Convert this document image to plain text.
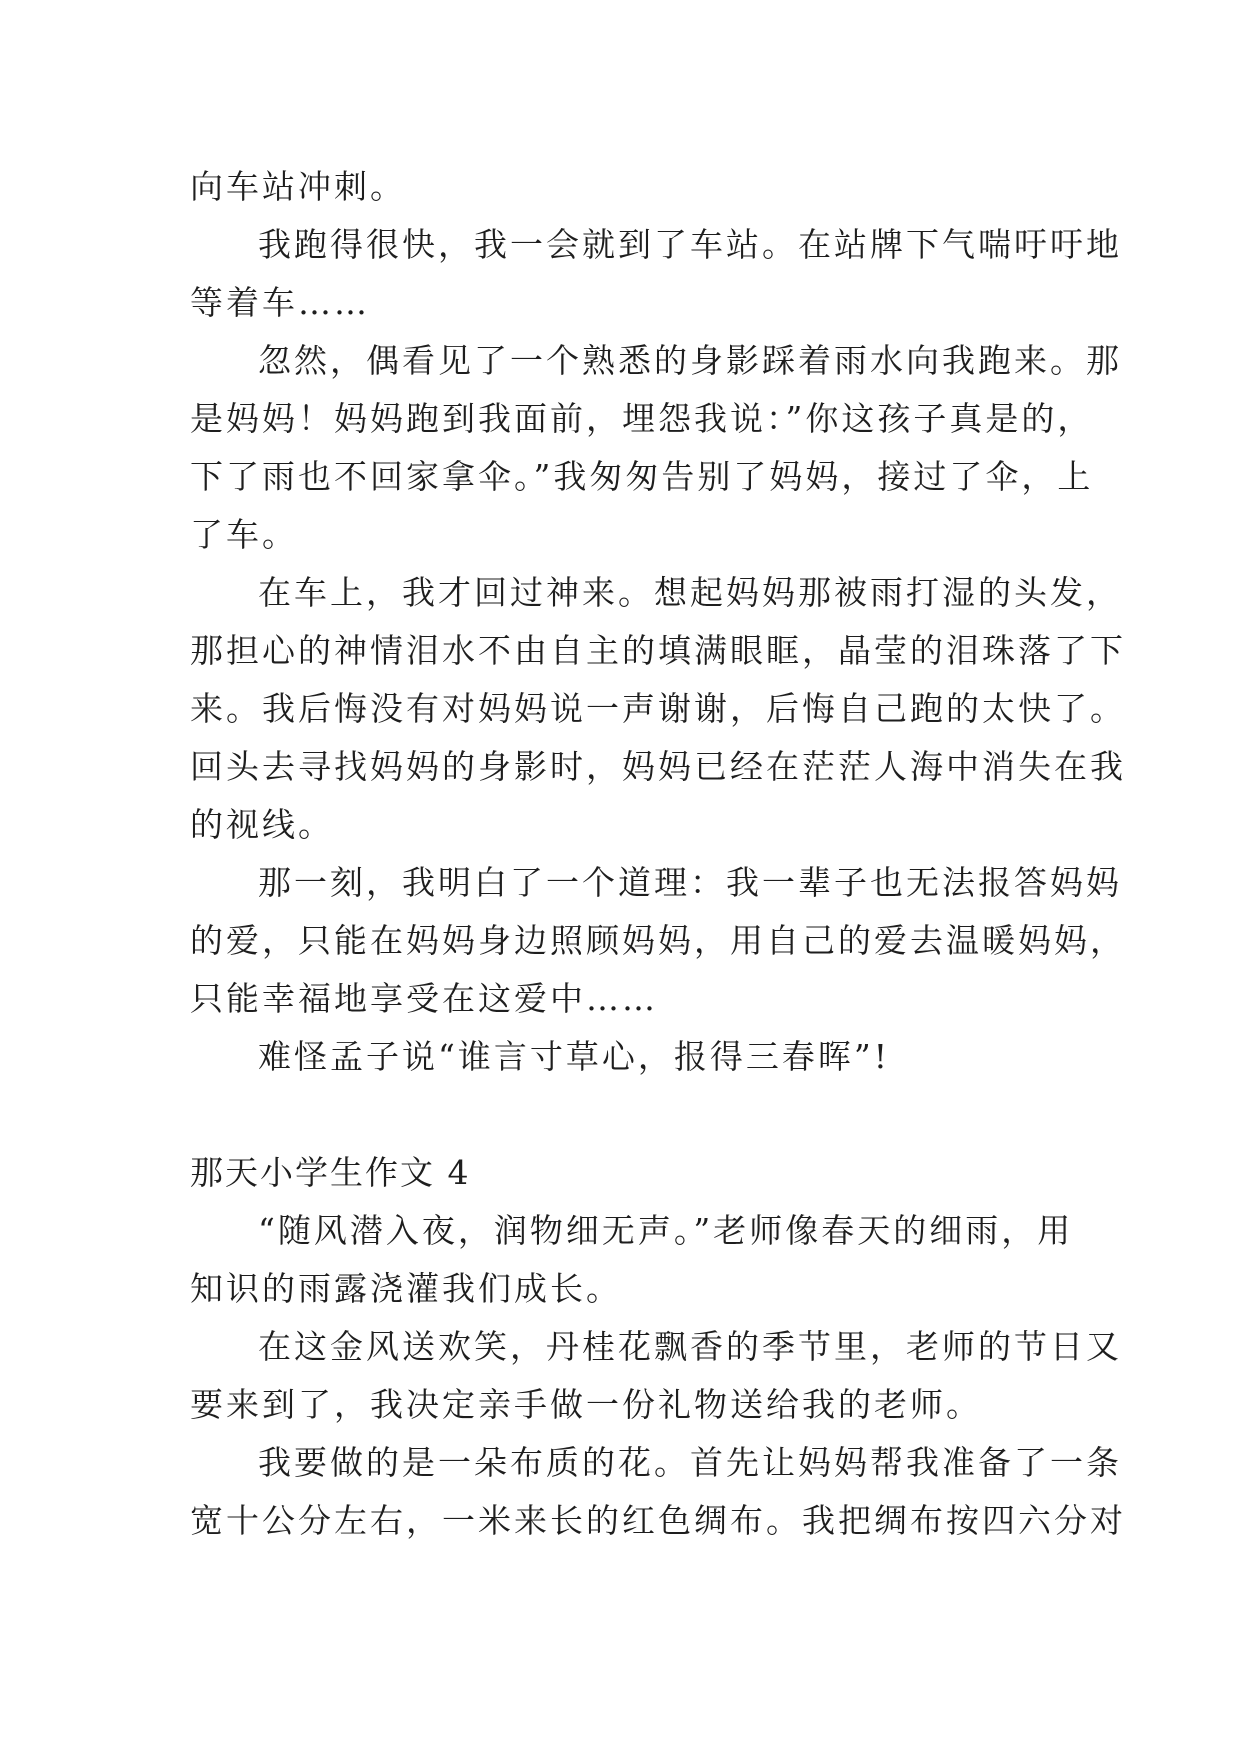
向车站冲刺。
我跑得很快，我一会就到了车站。在站牌下气喘吁吁地
等着车……
忽然，偶看见了一个熟悉的身影踩着雨水向我跑来。那
是妈妈！妈妈跑到我面前，埋怨我说：”你这孩子真是的，
下了雨也不回家拿伞。”我匆匆告别了妈妈，接过了伞，上
了车。
在车上，我才回过神来。想起妈妈那被雨打湿的头发，
那担心的神情泪水不由自主的填满眼眶，晶莹的泪珠落了下
来。我后悔没有对妈妈说一声谢谢，后悔自己跑的太快了。
回头去寻找妈妈的身影时，妈妈已经在茫茫人海中消失在我
的视线。
那一刻，我明白了一个道理：我一辈子也无法报答妈妈
的爱，只能在妈妈身边照顾妈妈，用自己的爱去温暖妈妈，
只能幸福地享受在这爱中……
难怪孟子说“谁言寸草心，报得三春晖”!
那天小学生作文 4
“随风潜入夜，润物细无声。”老师像春天的细雨，用
知识的雨露浇灌我们成长。
在这金风送欢笑，丹桂花飘香的季节里，老师的节日又
要来到了，我决定亲手做一份礼物送给我的老师。
我要做的是一朵布质的花。首先让妈妈帮我准备了一条
宽十公分左右，一米来长的红色绸布。我把绸布按四六分对
